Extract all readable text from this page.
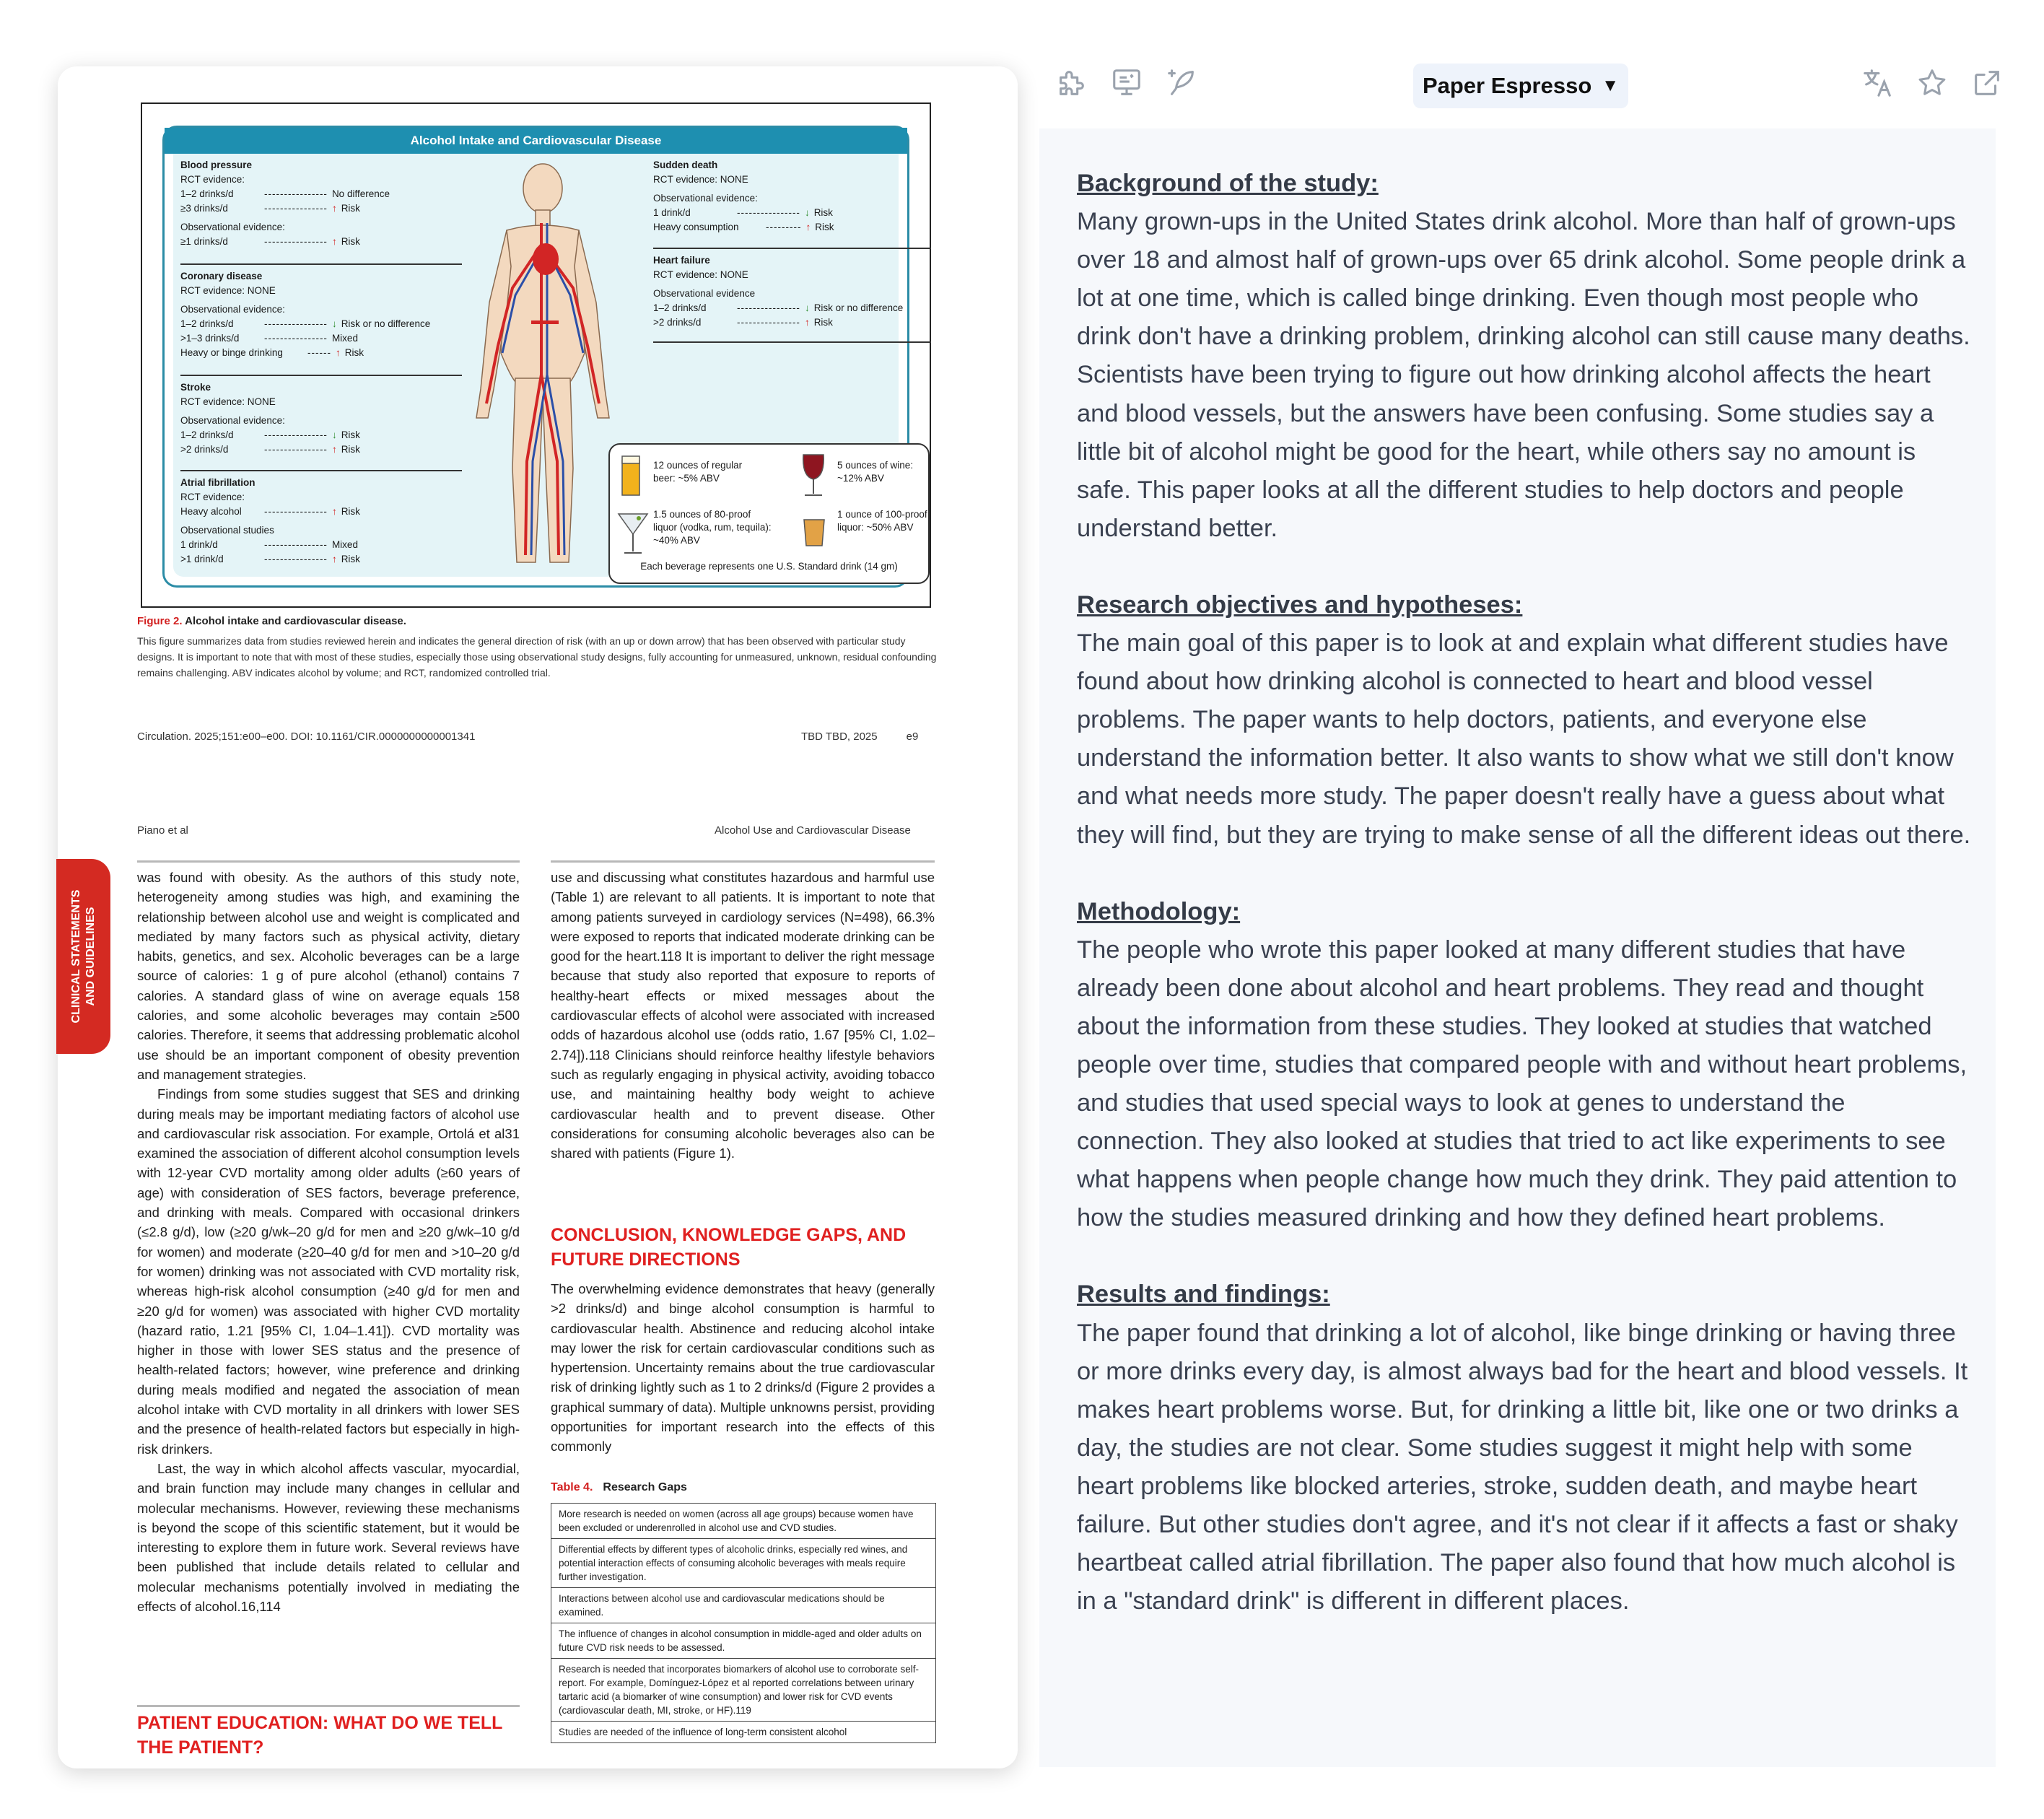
Alcohol Intake and Cardiovascular Disease
Blood pressure
RCT evidence:
1–2 drinks/d	---------------- No difference
≥3 drinks/d	---------------- ↑ Risk
Observational evidence:
≥1 drinks/d	---------------- ↑ Risk
Coronary disease
RCT evidence: NONE
Observational evidence:
1–2 drinks/d	---------------- ↓ Risk or no difference
>1–3 drinks/d	---------------- Mixed
Heavy or binge drinking	------ ↑ Risk
Stroke
RCT evidence: NONE
Observational evidence:
1–2 drinks/d	---------------- ↓ Risk
>2 drinks/d	---------------- ↑ Risk
Atrial fibrillation
RCT evidence:
Heavy alcohol	---------------- ↑ Risk
Observational studies
1 drink/d	---------------- Mixed
>1 drink/d	---------------- ↑ Risk
Sudden death
RCT evidence: NONE
Observational evidence:
1 drink/d	---------------- ↓ Risk
Heavy consumption	--------- ↑ Risk
Heart failure
RCT evidence: NONE
Observational evidence
1–2 drinks/d	---------------- ↓ Risk or no difference
>2 drinks/d	---------------- ↑ Risk
12 ounces of regular beer: ~5% ABV
5 ounces of wine: ~12% ABV
1.5 ounces of 80-proof liquor (vodka, rum, tequila): ~40% ABV
1 ounce of 100-proof liquor: ~50% ABV
Each beverage represents one U.S. Standard drink (14 gm)
Figure 2. Alcohol intake and cardiovascular disease.
This figure summarizes data from studies reviewed herein and indicates the general direction of risk (with an up or down arrow) that has been observed with particular study designs. It is important to note that with most of these studies, especially those using observational study designs, fully accounting for unmeasured, unknown, residual confounding remains challenging. ABV indicates alcohol by volume; and RCT, randomized controlled trial.
Circulation. 2025;151:e00–e00. DOI: 10.1161/CIR.0000000000001341	TBD TBD, 2025	e9
Piano et al	Alcohol Use and Cardiovascular Disease
was found with obesity. As the authors of this study note, heterogeneity among studies was high, and examining the relationship between alcohol use and weight is complicated and mediated by many factors such as physical activity, dietary habits, genetics, and sex. Alcoholic beverages can be a large source of calories: 1 g of pure alcohol (ethanol) contains 7 calories. A standard glass of wine on average equals 158 calories, and some alcoholic beverages may contain ≥500 calories. Therefore, it seems that addressing problematic alcohol use should be an important component of obesity prevention and management strategies.
Findings from some studies suggest that SES and drinking during meals may be important mediating factors of alcohol use and cardiovascular risk association. For example, Ortolá et al31 examined the association of different alcohol consumption levels with 12-year CVD mortality among older adults (≥60 years of age) with consideration of SES factors, beverage preference, and drinking with meals. Compared with occasional drinkers (≤2.8 g/d), low (≥20 g/wk–20 g/d for men and ≥20 g/wk–10 g/d for women) and moderate (≥20–40 g/d for men and >10–20 g/d for women) drinking was not associated with CVD mortality risk, whereas high-risk alcohol consumption (≥40 g/d for men and ≥20 g/d for women) was associated with higher CVD mortality (hazard ratio, 1.21 [95% CI, 1.04–1.41]). CVD mortality was higher in those with lower SES status and the presence of health-related factors; however, wine preference and drinking during meals modified and negated the association of mean alcohol intake with CVD mortality in all drinkers with lower SES and the presence of health-related factors but especially in high-risk drinkers.
Last, the way in which alcohol affects vascular, myocardial, and brain function may include many changes in cellular and molecular mechanisms. However, reviewing these mechanisms is beyond the scope of this scientific statement, but it would be interesting to explore them in future work. Several reviews have been published that include details related to cellular and molecular mechanisms potentially involved in mediating the effects of alcohol.16,114
PATIENT EDUCATION: WHAT DO WE TELL THE PATIENT?
use and discussing what constitutes hazardous and harmful use (Table 1) are relevant to all patients. It is important to note that among patients surveyed in cardiology services (N=498), 66.3% were exposed to reports that indicated moderate drinking can be good for the heart.118 It is important to deliver the right message because that study also reported that exposure to reports of healthy-heart effects or mixed messages about the cardiovascular effects of alcohol were associated with increased odds of hazardous alcohol use (odds ratio, 1.67 [95% CI, 1.02–2.74]).118 Clinicians should reinforce healthy lifestyle behaviors such as regularly engaging in physical activity, avoiding tobacco use, and maintaining healthy body weight to achieve cardiovascular health and to prevent disease. Other considerations for consuming alcoholic beverages also can be shared with patients (Figure 1).
CONCLUSION, KNOWLEDGE GAPS, AND FUTURE DIRECTIONS
The overwhelming evidence demonstrates that heavy (generally >2 drinks/d) and binge alcohol consumption is harmful to cardiovascular health. Abstinence and reducing alcohol intake may lower the risk for certain cardiovascular conditions such as hypertension. Uncertainty remains about the true cardiovascular risk of drinking lightly such as 1 to 2 drinks/d (Figure 2 provides a graphical summary of data). Multiple unknowns persist, providing opportunities for important research into the effects of this commonly
Table 4. Research Gaps
More research is needed on women (across all age groups) because women have been excluded or underenrolled in alcohol use and CVD studies.
Differential effects by different types of alcoholic drinks, especially red wines, and potential interaction effects of consuming alcoholic beverages with meals require further investigation.
Interactions between alcohol use and cardiovascular medications should be examined.
The influence of changes in alcohol consumption in middle-aged and older adults on future CVD risk needs to be assessed.
Research is needed that incorporates biomarkers of alcohol use to corroborate self-report. For example, Domínguez-López et al reported correlations between urinary tartaric acid (a biomarker of wine consumption) and lower risk for CVD events (cardiovascular death, MI, stroke, or HF).119
Studies are needed of the influence of long-term consistent alcohol
CLINICAL STATEMENTS AND GUIDELINES
Paper Espresso ▼
Background of the study:
Many grown-ups in the United States drink alcohol. More than half of grown-ups over 18 and almost half of grown-ups over 65 drink alcohol. Some people drink a lot at one time, which is called binge drinking. Even though most people who drink don't have a drinking problem, drinking alcohol can still cause many deaths. Scientists have been trying to figure out how drinking alcohol affects the heart and blood vessels, but the answers have been confusing. Some studies say a little bit of alcohol might be good for the heart, while others say no amount is safe. This paper looks at all the different studies to help doctors and people understand better.
Research objectives and hypotheses:
The main goal of this paper is to look at and explain what different studies have found about how drinking alcohol is connected to heart and blood vessel problems. The paper wants to help doctors, patients, and everyone else understand the information better. It also wants to show what we still don't know and what needs more study. The paper doesn't really have a guess about what they will find, but they are trying to make sense of all the different ideas out there.
Methodology:
The people who wrote this paper looked at many different studies that have already been done about alcohol and heart problems. They read and thought about the information from these studies. They looked at studies that watched people over time, studies that compared people with and without heart problems, and studies that used special ways to look at genes to understand the connection. They also looked at studies that tried to act like experiments to see what happens when people change how much they drink. They paid attention to how the studies measured drinking and how they defined heart problems.
Results and findings:
The paper found that drinking a lot of alcohol, like binge drinking or having three or more drinks every day, is almost always bad for the heart and blood vessels. It makes heart problems worse. But, for drinking a little bit, like one or two drinks a day, the studies are not clear. Some studies suggest it might help with some heart problems like blocked arteries, stroke, sudden death, and maybe heart failure. But other studies don't agree, and it's not clear if it affects a fast or shaky heartbeat called atrial fibrillation. The paper also found that how much alcohol is in a "standard drink" is different in different places.
